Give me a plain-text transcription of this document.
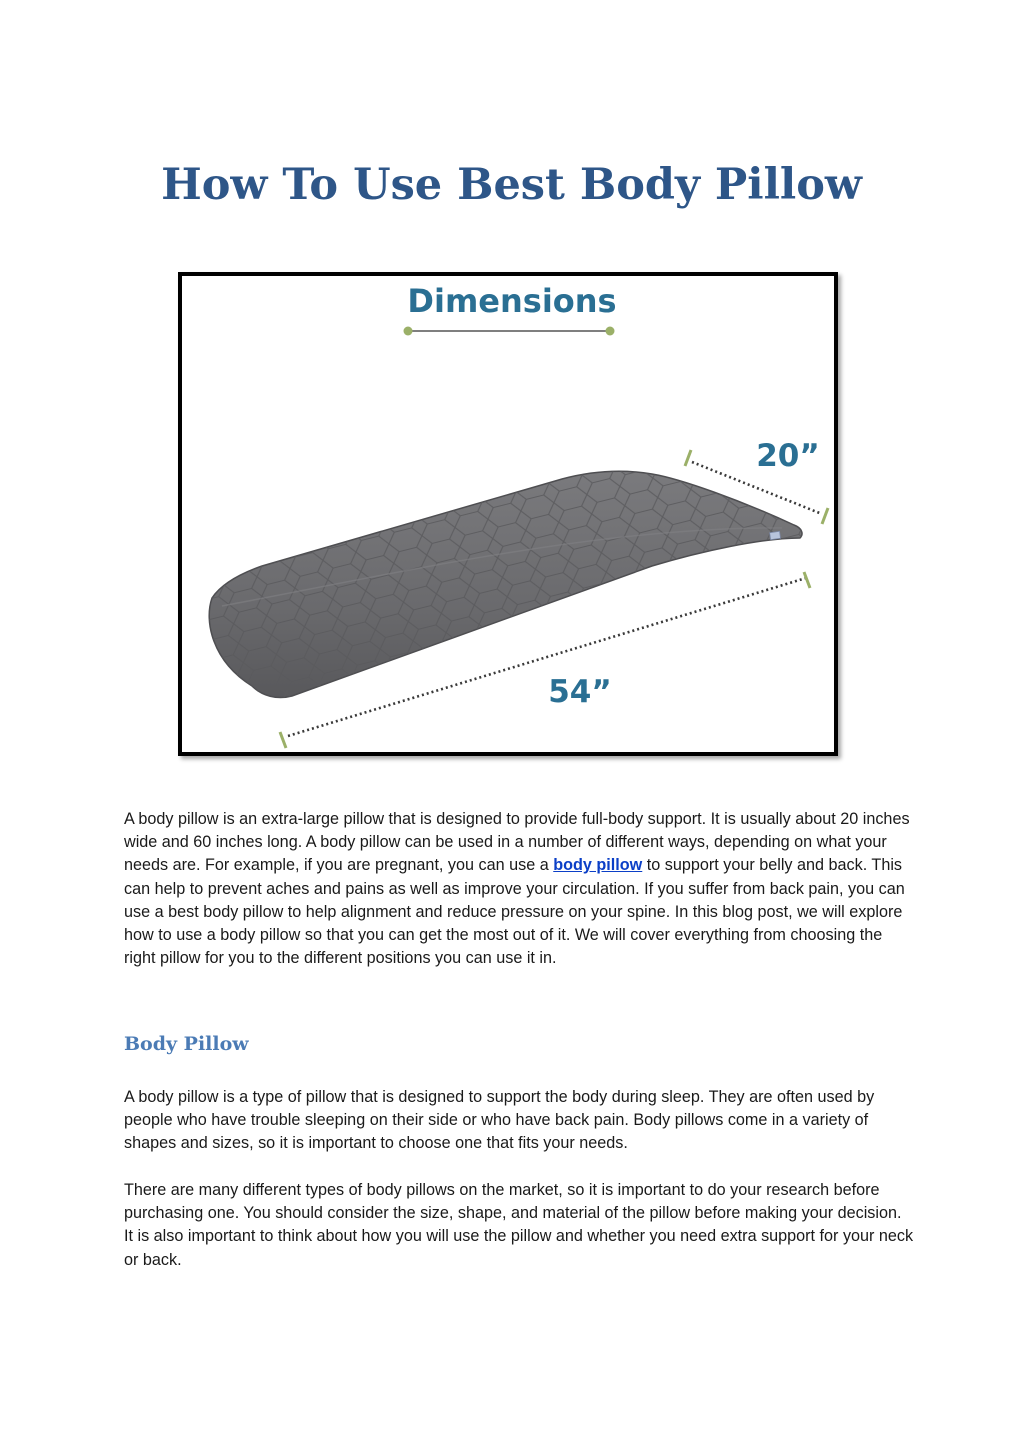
How To Use Best Body Pillow
Dimensions
20”
54”

A body pillow is an extra-large pillow that is designed to provide full-body support. It is usually about 20 inches wide and 60 inches long. A body pillow can be used in a number of different ways, depending on what your needs are. For example, if you are pregnant, you can use a body pillow to support your belly and back. This can help to prevent aches and pains as well as improve your circulation. If you suffer from back pain, you can use a best body pillow to help alignment and reduce pressure on your spine. In this blog post, we will explore how to use a body pillow so that you can get the most out of it. We will cover everything from choosing the right pillow for you to the different positions you can use it in.

Body Pillow

A body pillow is a type of pillow that is designed to support the body during sleep. They are often used by people who have trouble sleeping on their side or who have back pain. Body pillows come in a variety of shapes and sizes, so it is important to choose one that fits your needs.

There are many different types of body pillows on the market, so it is important to do your research before purchasing one. You should consider the size, shape, and material of the pillow before making your decision. It is also important to think about how you will use the pillow and whether you need extra support for your neck or back.
